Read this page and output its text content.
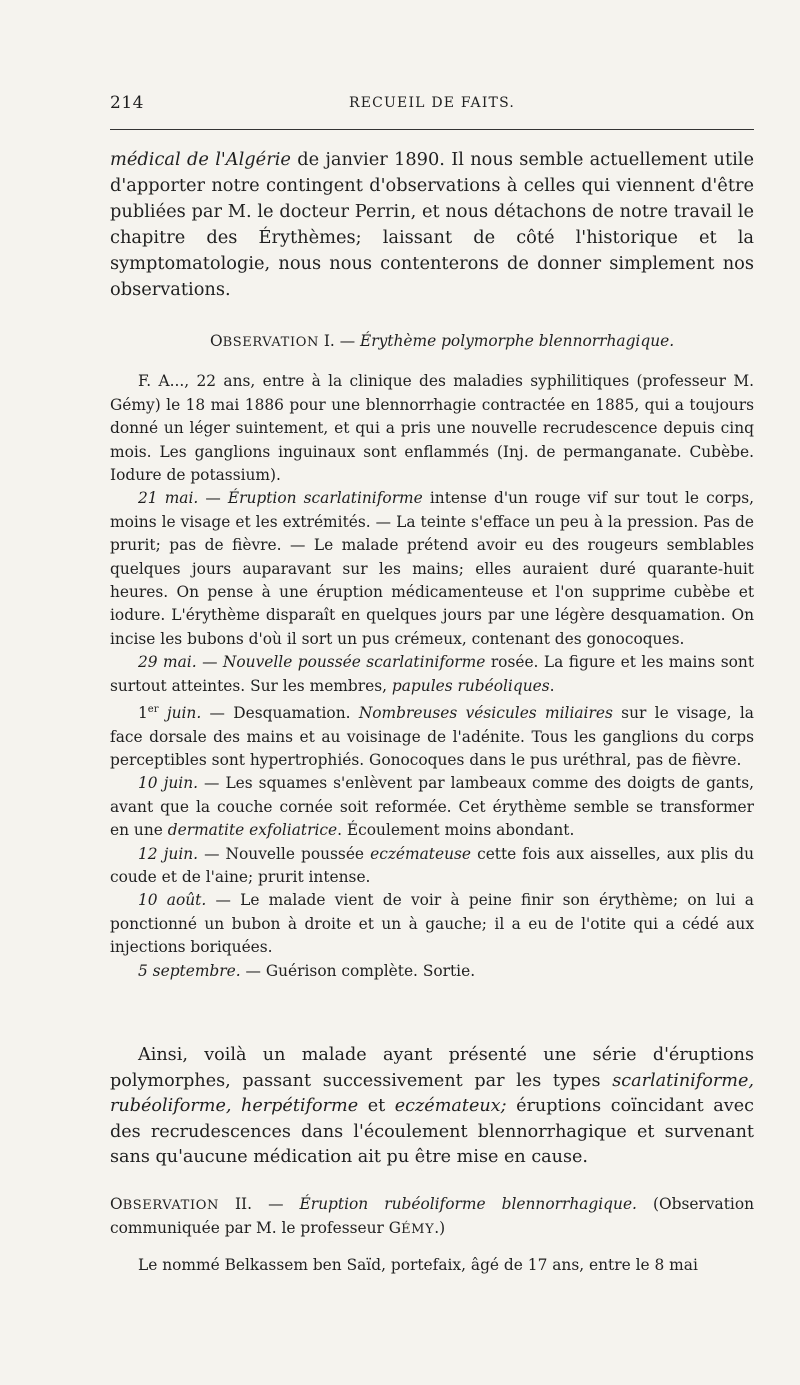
214	RECUEIL DE FAITS.

médical de l'Algérie de janvier 1890. Il nous semble actuellement utile d'apporter notre contingent d'observations à celles qui viennent d'être publiées par M. le docteur Perrin, et nous détachons de notre travail le chapitre des Érythèmes; laissant de côté l'historique et la symptomatologie, nous nous contenterons de donner simplement nos observations.

OBSERVATION I. — Érythème polymorphe blennorrhagique.

F. A..., 22 ans, entre à la clinique des maladies syphilitiques (professeur M. Gémy) le 18 mai 1886 pour une blennorrhagie contractée en 1885, qui a toujours donné un léger suintement, et qui a pris une nouvelle recrudescence depuis cinq mois. Les ganglions inguinaux sont enflammés (Inj. de permanganate. Cubèbe. Iodure de potassium).

21 mai. — Éruption scarlatiniforme intense d'un rouge vif sur tout le corps, moins le visage et les extrémités. — La teinte s'efface un peu à la pression. Pas de prurit; pas de fièvre. — Le malade prétend avoir eu des rougeurs semblables quelques jours auparavant sur les mains; elles auraient duré quarante-huit heures. On pense à une éruption médicamenteuse et l'on supprime cubèbe et iodure. L'érythème disparaît en quelques jours par une légère desquamation. On incise les bubons d'où il sort un pus crémeux, contenant des gonocoques.

29 mai. — Nouvelle poussée scarlatiniforme rosée. La figure et les mains sont surtout atteintes. Sur les membres, papules rubéoliques.

1er juin. — Desquamation. Nombreuses vésicules miliaires sur le visage, la face dorsale des mains et au voisinage de l'adénite. Tous les ganglions du corps perceptibles sont hypertrophiés. Gonocoques dans le pus uréthral, pas de fièvre.

10 juin. — Les squames s'enlèvent par lambeaux comme des doigts de gants, avant que la couche cornée soit reformée. Cet érythème semble se transformer en une dermatite exfoliatrice. Écoulement moins abondant.

12 juin. — Nouvelle poussée eczémateuse cette fois aux aisselles, aux plis du coude et de l'aine; prurit intense.

10 août. — Le malade vient de voir à peine finir son érythème; on lui a ponctionné un bubon à droite et un à gauche; il a eu de l'otite qui a cédé aux injections boriquées.

5 septembre. — Guérison complète. Sortie.

Ainsi, voilà un malade ayant présenté une série d'éruptions polymorphes, passant successivement par les types scarlatiniforme, rubéoliforme, herpétiforme et eczémateux; éruptions coïncidant avec des recrudescences dans l'écoulement blennorrhagique et survenant sans qu'aucune médication ait pu être mise en cause.

OBSERVATION II. — Éruption rubéoliforme blennorrhagique. (Observation communiquée par M. le professeur GÉMY.)

Le nommé Belkassem ben Saïd, portefaix, âgé de 17 ans, entre le 8 mai
